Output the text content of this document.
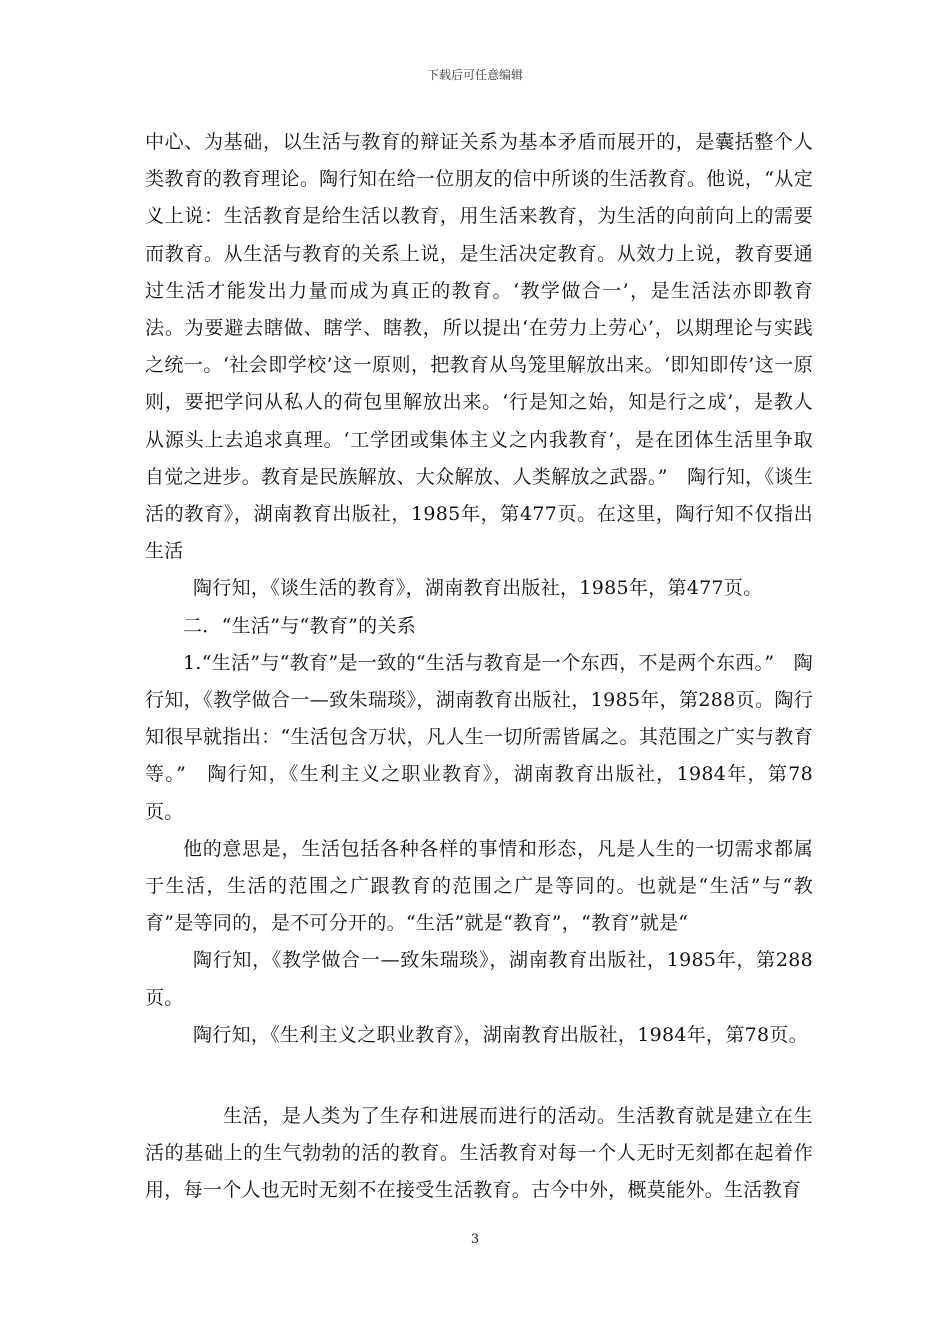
下载后可任意编辑

中心、为基础，以生活与教育的辩证关系为基本矛盾而展开的，是囊括整个人类教育的教育理论。陶行知在给一位朋友的信中所谈的生活教育。他说，“从定义上说：生活教育是给生活以教育，用生活来教育，为生活的向前向上的需要而教育。从生活与教育的关系上说，是生活决定教育。从效力上说，教育要通过生活才能发出力量而成为真正的教育。‘教学做合一’，是生活法亦即教育法。为要避去瞎做、瞎学、瞎教，所以提出‘在劳力上劳心’，以期理论与实践之统一。‘社会即学校’这一原则，把教育从鸟笼里解放出来。‘即知即传’这一原则，要把学问从私人的荷包里解放出来。‘行是知之始，知是行之成’，是教人从源头上去追求真理。‘工学团或集体主义之内我教育’，是在团体生活里争取自觉之进步。教育是民族解放、大众解放、人类解放之武器。”　陶行知，《谈生活的教育》，湖南教育出版社，1985年，第477页。在这里，陶行知不仅指出生活

陶行知，《谈生活的教育》，湖南教育出版社，1985年，第477页。

二．“生活”与“教育”的关系

1.“生活”与“教育”是一致的“生活与教育是一个东西，不是两个东西。”　陶行知，《教学做合一—致朱瑞琰》，湖南教育出版社，1985年，第288页。陶行知很早就指出：“生活包含万状，凡人生一切所需皆属之。其范围之广实与教育等。”　陶行知，《生利主义之职业教育》，湖南教育出版社，1984年，第78页。

他的意思是，生活包括各种各样的事情和形态，凡是人生的一切需求都属于生活，生活的范围之广跟教育的范围之广是等同的。也就是“生活”与“教育”是等同的，是不可分开的。“生活”就是“教育”，“教育”就是“

陶行知，《教学做合一—致朱瑞琰》，湖南教育出版社，1985年，第288页。

陶行知，《生利主义之职业教育》，湖南教育出版社，1984年，第78页。

生活，是人类为了生存和进展而进行的活动。生活教育就是建立在生活的基础上的生气勃勃的活的教育。生活教育对每一个人无时无刻都在起着作用，每一个人也无时无刻不在接受生活教育。古今中外，概莫能外。生活教育

3
